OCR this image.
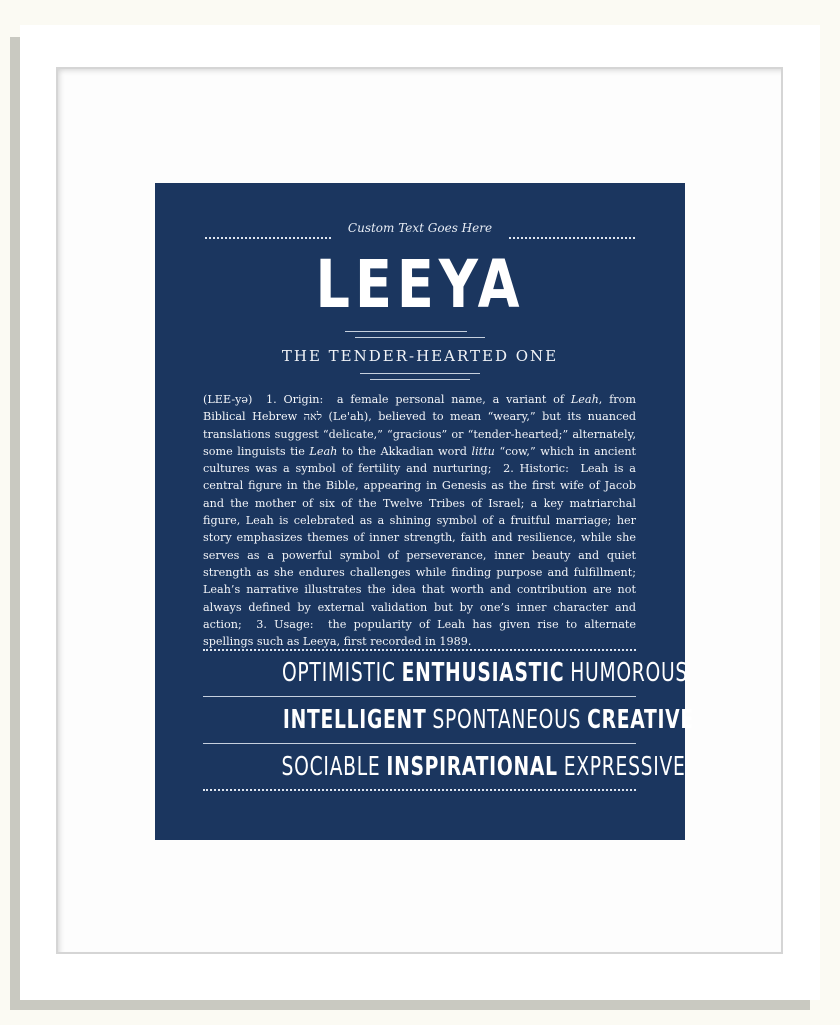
Custom Text Goes Here
LEEYA
THE TENDER-HEARTED ONE

(LEE-yə) 1. Origin: a female personal name, a variant of Leah, from Biblical Hebrew לאה (Le'ah), believed to mean “weary,” but its nuanced translations suggest “delicate,” “gracious” or “tender-hearted;” alternately, some linguists tie Leah to the Akkadian word littu “cow,” which in ancient cultures was a symbol of fertility and nurturing; 2. Historic: Leah is a central figure in the Bible, appearing in Genesis as the first wife of Jacob and the mother of six of the Twelve Tribes of Israel; a key matriarchal figure, Leah is celebrated as a shining symbol of a fruitful marriage; her story emphasizes themes of inner strength, faith and resilience, while she serves as a powerful symbol of perseverance, inner beauty and quiet strength as she endures challenges while finding purpose and fulfillment; Leah’s narrative illustrates the idea that worth and contribution are not always defined by external validation but by one’s inner character and action; 3. Usage: the popularity of Leah has given rise to alternate spellings such as Leeya, first recorded in 1989.

OPTIMISTIC ENTHUSIASTIC HUMOROUS
INTELLIGENT SPONTANEOUS CREATIVE
SOCIABLE INSPIRATIONAL EXPRESSIVE
